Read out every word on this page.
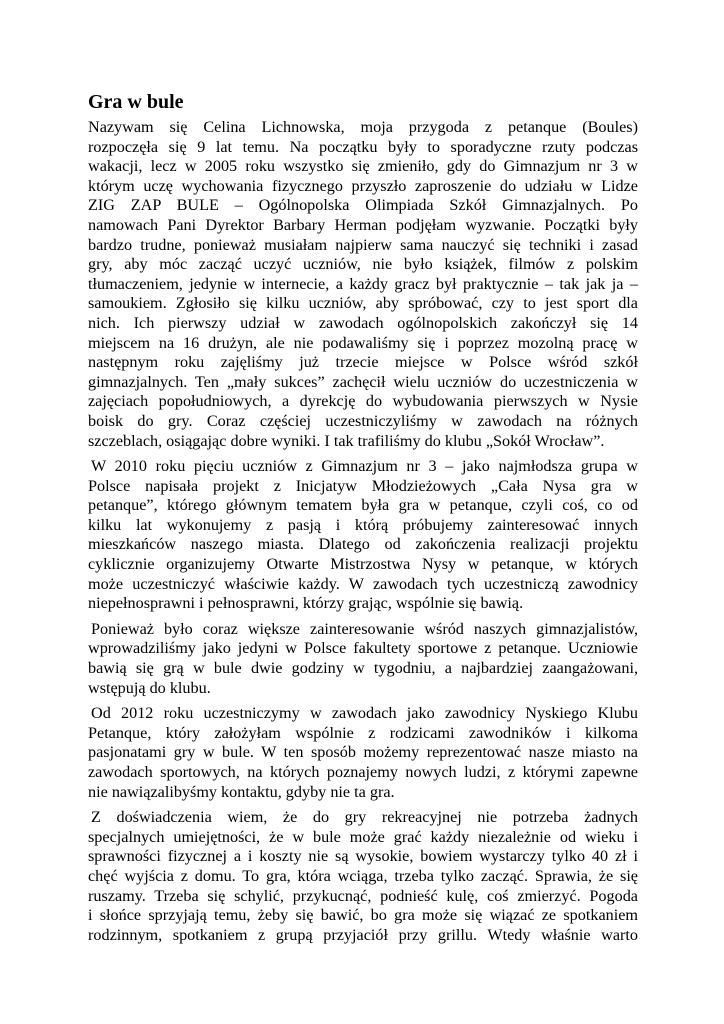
Gra w bule
Nazywam się Celina Lichnowska, moja przygoda z petanque (Boules)
rozpoczęła się 9 lat temu. Na początku były to sporadyczne rzuty podczas
wakacji, lecz w 2005 roku wszystko się zmieniło, gdy do Gimnazjum nr 3 w
którym uczę wychowania fizycznego przyszło zaproszenie do udziału w Lidze
ZIG ZAP BULE – Ogólnopolska Olimpiada Szkół Gimnazjalnych. Po
namowach Pani Dyrektor Barbary Herman podjęłam wyzwanie. Początki były
bardzo trudne, ponieważ musiałam najpierw sama nauczyć się techniki i zasad
gry, aby móc zacząć uczyć uczniów, nie było książek, filmów z polskim
tłumaczeniem, jedynie w internecie, a każdy gracz był praktycznie – tak jak ja –
samoukiem. Zgłosiło się kilku uczniów, aby spróbować, czy to jest sport dla
nich. Ich pierwszy udział w zawodach ogólnopolskich zakończył się 14
miejscem na 16 drużyn, ale nie podawaliśmy się i poprzez mozolną pracę w
następnym roku zajęliśmy już trzecie miejsce w Polsce wśród szkół
gimnazjalnych. Ten „mały sukces” zachęcił wielu uczniów do uczestniczenia w
zajęciach popołudniowych, a dyrekcję do wybudowania pierwszych w Nysie
boisk do gry. Coraz częściej uczestniczyliśmy w zawodach na różnych
szczeblach, osiągając dobre wyniki. I tak trafiliśmy do klubu „Sokół Wrocław”.
W 2010 roku pięciu uczniów z Gimnazjum nr 3 – jako najmłodsza grupa w
Polsce napisała projekt z Inicjatyw Młodzieżowych „Cała Nysa gra w
petanque”, którego głównym tematem była gra w petanque, czyli coś, co od
kilku lat wykonujemy z pasją i którą próbujemy zainteresować innych
mieszkańców naszego miasta. Dlatego od zakończenia realizacji projektu
cyklicznie organizujemy Otwarte Mistrzostwa Nysy w petanque, w których
może uczestniczyć właściwie każdy. W zawodach tych uczestniczą zawodnicy
niepełnosprawni i pełnosprawni, którzy grając, wspólnie się bawią.
Ponieważ było coraz większe zainteresowanie wśród naszych gimnazjalistów,
wprowadziliśmy jako jedyni w Polsce fakultety sportowe z petanque. Uczniowie
bawią się grą w bule dwie godziny w tygodniu, a najbardziej zaangażowani,
wstępują do klubu.
Od 2012 roku uczestniczymy w zawodach jako zawodnicy Nyskiego Klubu
Petanque, który założyłam wspólnie z rodzicami zawodników i kilkoma
pasjonatami gry w bule. W ten sposób możemy reprezentować nasze miasto na
zawodach sportowych, na których poznajemy nowych ludzi, z którymi zapewne
nie nawiązalibyśmy kontaktu, gdyby nie ta gra.
Z doświadczenia wiem, że do gry rekreacyjnej nie potrzeba żadnych
specjalnych umiejętności, że w bule może grać każdy niezależnie od wieku i
sprawności fizycznej a i koszty nie są wysokie, bowiem wystarczy tylko 40 zł i
chęć wyjścia z domu. To gra, która wciąga, trzeba tylko zacząć. Sprawia, że się
ruszamy. Trzeba się schylić, przykucnąć, podnieść kulę, coś zmierzyć. Pogoda
i słońce sprzyjają temu, żeby się bawić, bo gra może się wiązać ze spotkaniem
rodzinnym, spotkaniem z grupą przyjaciół przy grillu. Wtedy właśnie warto
